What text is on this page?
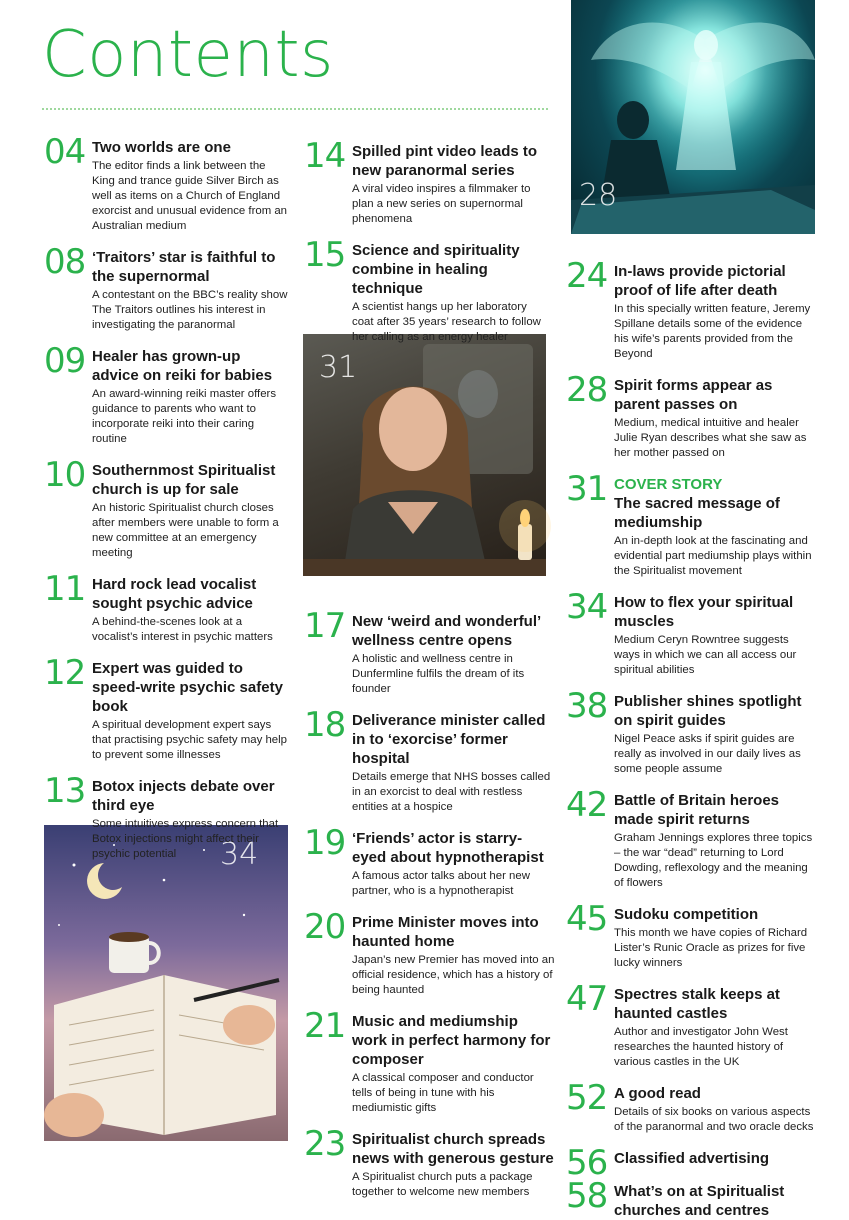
Contents
28
31
34
04 Two worlds are one
The editor finds a link between the King and trance guide Silver Birch as well as items on a Church of England exorcist and unusual evidence from an Australian medium
08 ‘Traitors’ star is faithful to the supernormal
A contestant on the BBC’s reality show The Traitors outlines his interest in investigating the paranormal
09 Healer has grown-up advice on reiki for babies
An award-winning reiki master offers guidance to parents who want to incorporate reiki into their caring routine
10 Southernmost Spiritualist church is up for sale
An historic Spiritualist church closes after members were unable to form a new committee at an emergency meeting
11 Hard rock lead vocalist sought psychic advice
A behind-the-scenes look at a vocalist’s interest in psychic matters
12 Expert was guided to speed-write psychic safety book
A spiritual development expert says that practising psychic safety may help to prevent some illnesses
13 Botox injects debate over third eye
Some intuitives express concern that Botox injections might affect their psychic potential
14 Spilled pint video leads to new paranormal series
A viral video inspires a filmmaker to plan a new series on supernormal phenomena
15 Science and spirituality combine in healing technique
A scientist hangs up her laboratory coat after 35 years’ research to follow her calling as an energy healer
17 New ‘weird and wonderful’ wellness centre opens
A holistic and wellness centre in Dunfermline fulfils the dream of its founder
18 Deliverance minister called in to ‘exorcise’ former hospital
Details emerge that NHS bosses called in an exorcist to deal with restless entities at a hospice
19 ‘Friends’ actor is starry-eyed about hypnotherapist
A famous actor talks about her new partner, who is a hypnotherapist
20 Prime Minister moves into haunted home
Japan’s new Premier has moved into an official residence, which has a history of being haunted
21 Music and mediumship work in perfect harmony for composer
A classical composer and conductor tells of being in tune with his mediumistic gifts
23 Spiritualist church spreads news with generous gesture
A Spiritualist church puts a package together to welcome new members
24 In-laws provide pictorial proof of life after death
In this specially written feature, Jeremy Spillane details some of the evidence his wife’s parents provided from the Beyond
28 Spirit forms appear as parent passes on
Medium, medical intuitive and healer Julie Ryan describes what she saw as her mother passed on
31 COVER STORY
The sacred message of mediumship
An in-depth look at the fascinating and evidential part mediumship plays within the Spiritualist movement
34 How to flex your spiritual muscles
Medium Ceryn Rowntree suggests ways in which we can all access our spiritual abilities
38 Publisher shines spotlight on spirit guides
Nigel Peace asks if spirit guides are really as involved in our daily lives as some people assume
42 Battle of Britain heroes made spirit returns
Graham Jennings explores three topics – the war “dead” returning to Lord Dowding, reflexology and the meaning of flowers
45 Sudoku competition
This month we have copies of Richard Lister’s Runic Oracle as prizes for five lucky winners
47 Spectres stalk keeps at haunted castles
Author and investigator John West researches the haunted history of various castles in the UK
52 A good read
Details of six books on various aspects of the paranormal and two oracle decks
56 Classified advertising
58 What’s on at Spiritualist churches and centres
